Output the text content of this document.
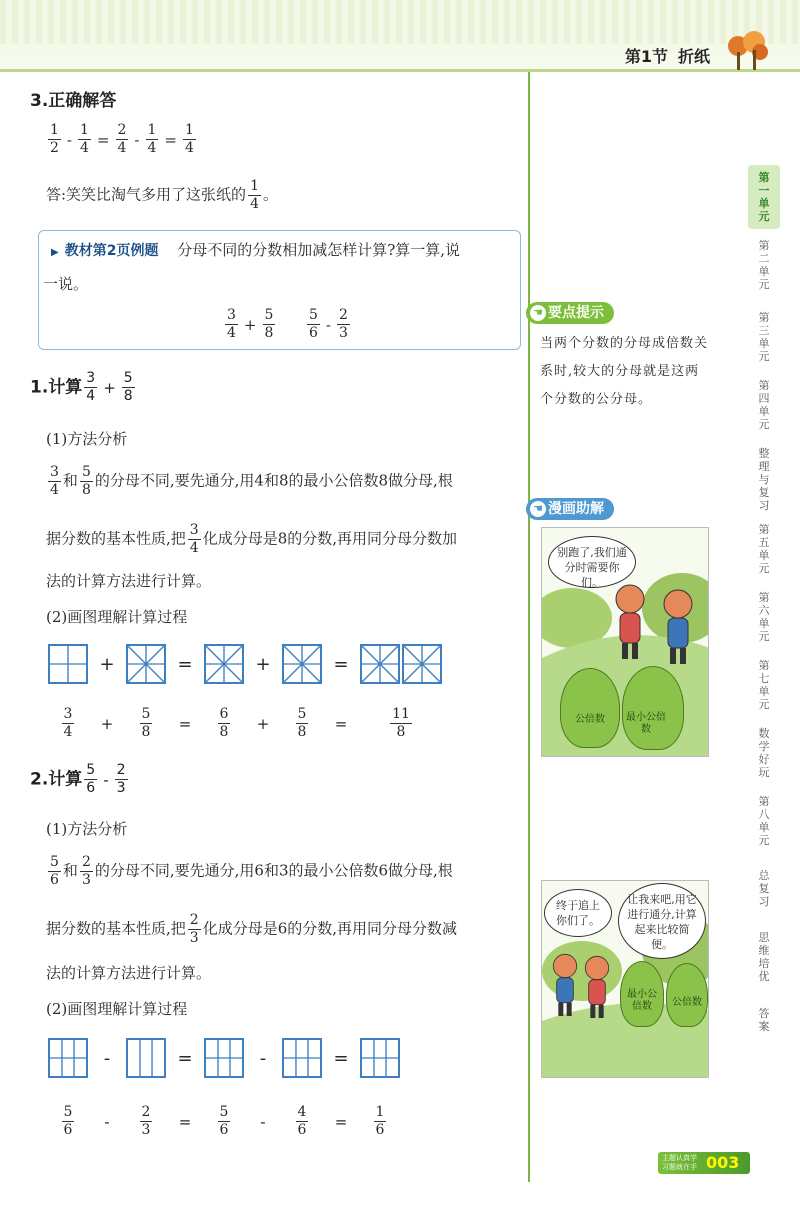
第1节 折纸
3.正确解答
$\frac{1}{2} - \frac{1}{4} = \frac{2}{4} - \frac{1}{4} = \frac{1}{4}$
答:笑笑比淘气多用了这张纸的 $\frac{1}{4}$ 。
▶ 教材第2页例题 分母不同的分数相加减怎样计算?算一算,说
一说。
$\frac{3}{4} + \frac{5}{8}$
$\frac{5}{6} - \frac{2}{3}$
1.计算 $\frac{3}{4} + \frac{5}{8}$
(1)方法分析
$\frac{3}{4}$ 和 $\frac{5}{8}$ 的分母不同,要先通分,用4和8的最小公倍数8做分母,根
据分数的基本性质,把 $\frac{3}{4}$ 化成分母是8的分数,再用同分母分数加
法的计算方法进行计算。
(2)画图理解计算过程
+	=	+	=
$\frac{3}{4}$	+	$\frac{5}{8}$	=	$\frac{6}{8}$	+	$\frac{5}{8}$	=	$\frac{11}{8}$
2.计算 $\frac{5}{6} - \frac{2}{3}$
(1)方法分析
$\frac{5}{6}$ 和 $\frac{2}{3}$ 的分母不同,要先通分,用6和3的最小公倍数6做分母,根
据分数的基本性质,把 $\frac{2}{3}$ 化成分母是6的分数,再用同分母分数减
法的计算方法进行计算。
(2)画图理解计算过程
-	=	-	=
$\frac{5}{6}$	-	$\frac{2}{3}$	=	$\frac{5}{6}$	-	$\frac{4}{6}$	=	$\frac{1}{6}$
☚ 要点提示
当两个分数的分母成倍数关系时,较大的分母就是这两个分数的公分母。
☚ 漫画助解
别跑了,我们通分时需要你们。
公倍数	最小公倍数
终于追上你们了。
让我来吧,用它进行通分,计算起来比较简便。
最小公倍数	公倍数
第一单元
第二单元
第三单元
第四单元
整理与复习
第五单元
第六单元
第七单元
数学好玩
第八单元
总复习
思维培优
答案
主题认真学 习题就在手 003
